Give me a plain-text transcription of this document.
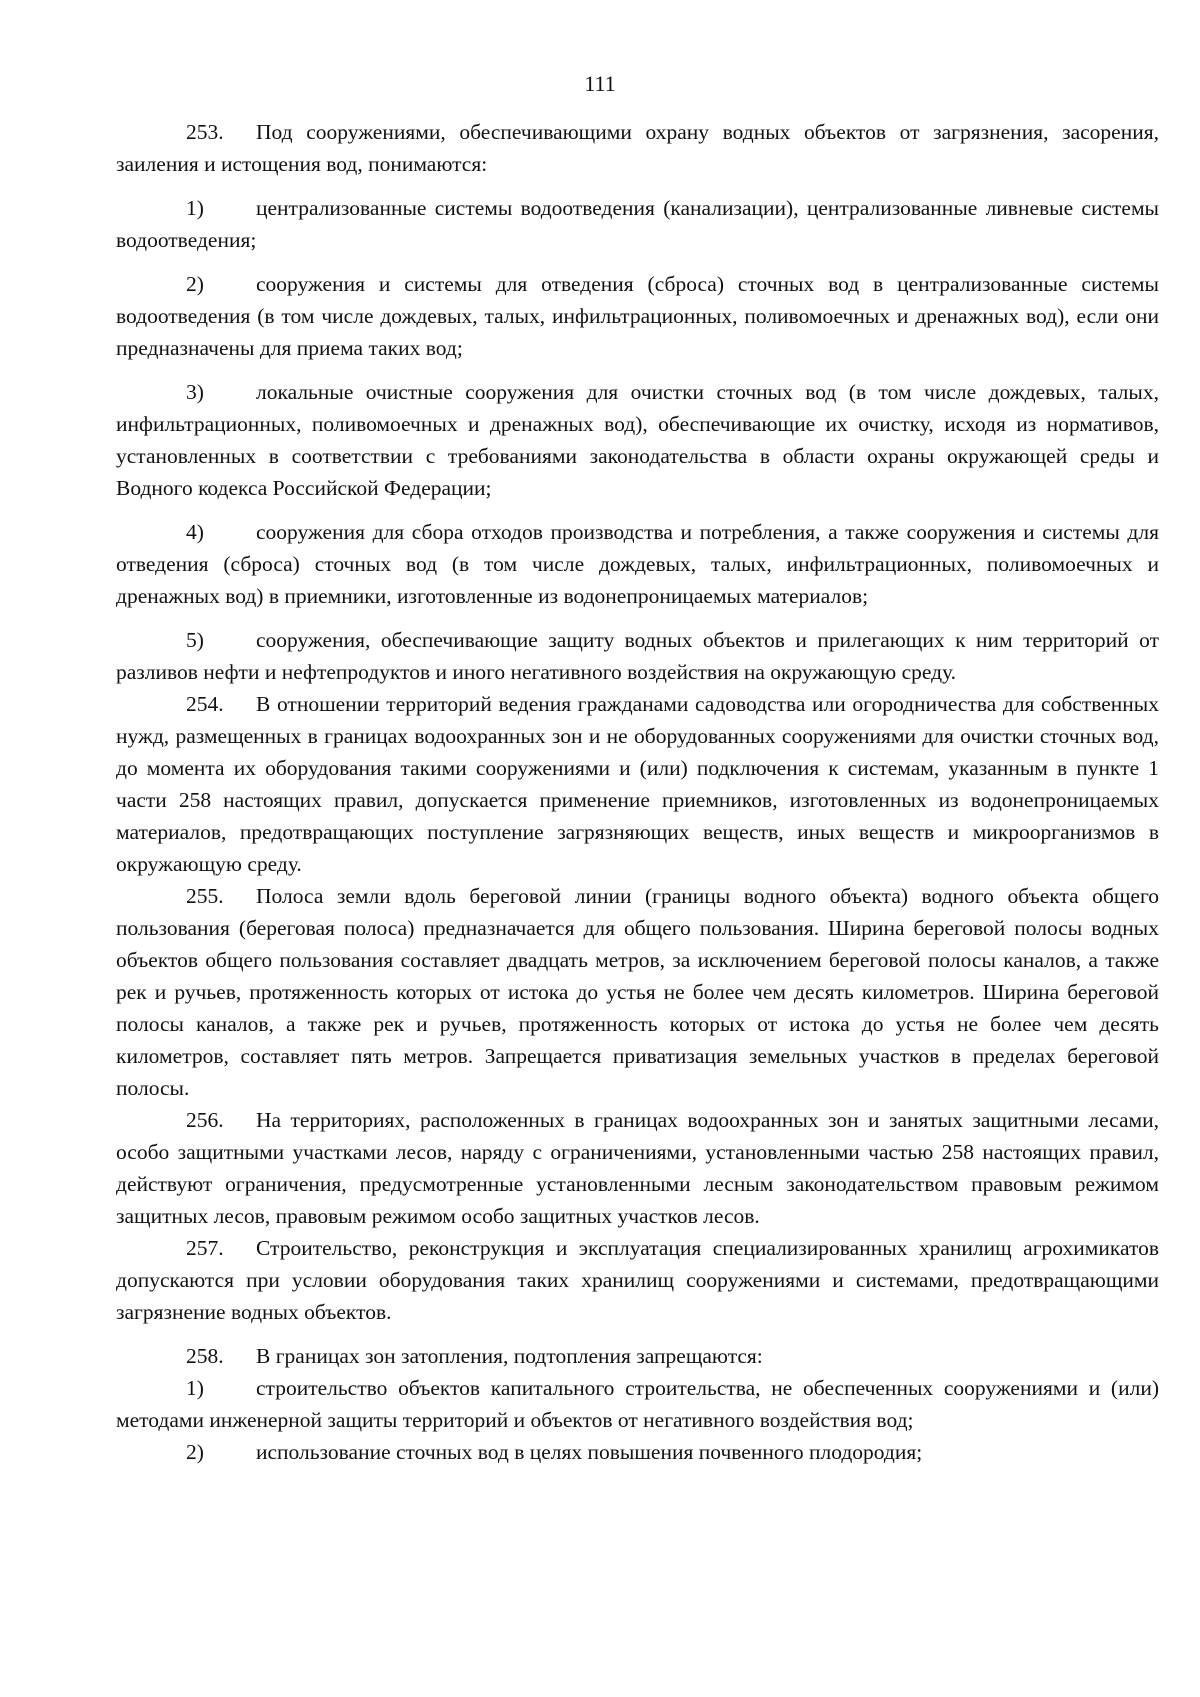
111

253. Под сооружениями, обеспечивающими охрану водных объектов от загрязнения, засорения, заиления и истощения вод, понимаются:

1) централизованные системы водоотведения (канализации), централизованные ливневые системы водоотведения;

2) сооружения и системы для отведения (сброса) сточных вод в централизованные системы водоотведения (в том числе дождевых, талых, инфильтрационных, поливомоечных и дренажных вод), если они предназначены для приема таких вод;

3) локальные очистные сооружения для очистки сточных вод (в том числе дождевых, талых, инфильтрационных, поливомоечных и дренажных вод), обеспечивающие их очистку, исходя из нормативов, установленных в соответствии с требованиями законодательства в области охраны окружающей среды и Водного кодекса Российской Федерации;

4) сооружения для сбора отходов производства и потребления, а также сооружения и системы для отведения (сброса) сточных вод (в том числе дождевых, талых, инфильтрационных, поливомоечных и дренажных вод) в приемники, изготовленные из водонепроницаемых материалов;

5) сооружения, обеспечивающие защиту водных объектов и прилегающих к ним территорий от разливов нефти и нефтепродуктов и иного негативного воздействия на окружающую среду.

254. В отношении территорий ведения гражданами садоводства или огородничества для собственных нужд, размещенных в границах водоохранных зон и не оборудованных сооружениями для очистки сточных вод, до момента их оборудования такими сооружениями и (или) подключения к системам, указанным в пункте 1 части 258 настоящих правил, допускается применение приемников, изготовленных из водонепроницаемых материалов, предотвращающих поступление загрязняющих веществ, иных веществ и микроорганизмов в окружающую среду.

255. Полоса земли вдоль береговой линии (границы водного объекта) водного объекта общего пользования (береговая полоса) предназначается для общего пользования. Ширина береговой полосы водных объектов общего пользования составляет двадцать метров, за исключением береговой полосы каналов, а также рек и ручьев, протяженность которых от истока до устья не более чем десять километров. Ширина береговой полосы каналов, а также рек и ручьев, протяженность которых от истока до устья не более чем десять километров, составляет пять метров. Запрещается приватизация земельных участков в пределах береговой полосы.

256. На территориях, расположенных в границах водоохранных зон и занятых защитными лесами, особо защитными участками лесов, наряду с ограничениями, установленными частью 258 настоящих правил, действуют ограничения, предусмотренные установленными лесным законодательством правовым режимом защитных лесов, правовым режимом особо защитных участков лесов.

257. Строительство, реконструкция и эксплуатация специализированных хранилищ агрохимикатов допускаются при условии оборудования таких хранилищ сооружениями и системами, предотвращающими загрязнение водных объектов.

258. В границах зон затопления, подтопления запрещаются:

1) строительство объектов капитального строительства, не обеспеченных сооружениями и (или) методами инженерной защиты территорий и объектов от негативного воздействия вод;

2) использование сточных вод в целях повышения почвенного плодородия;
